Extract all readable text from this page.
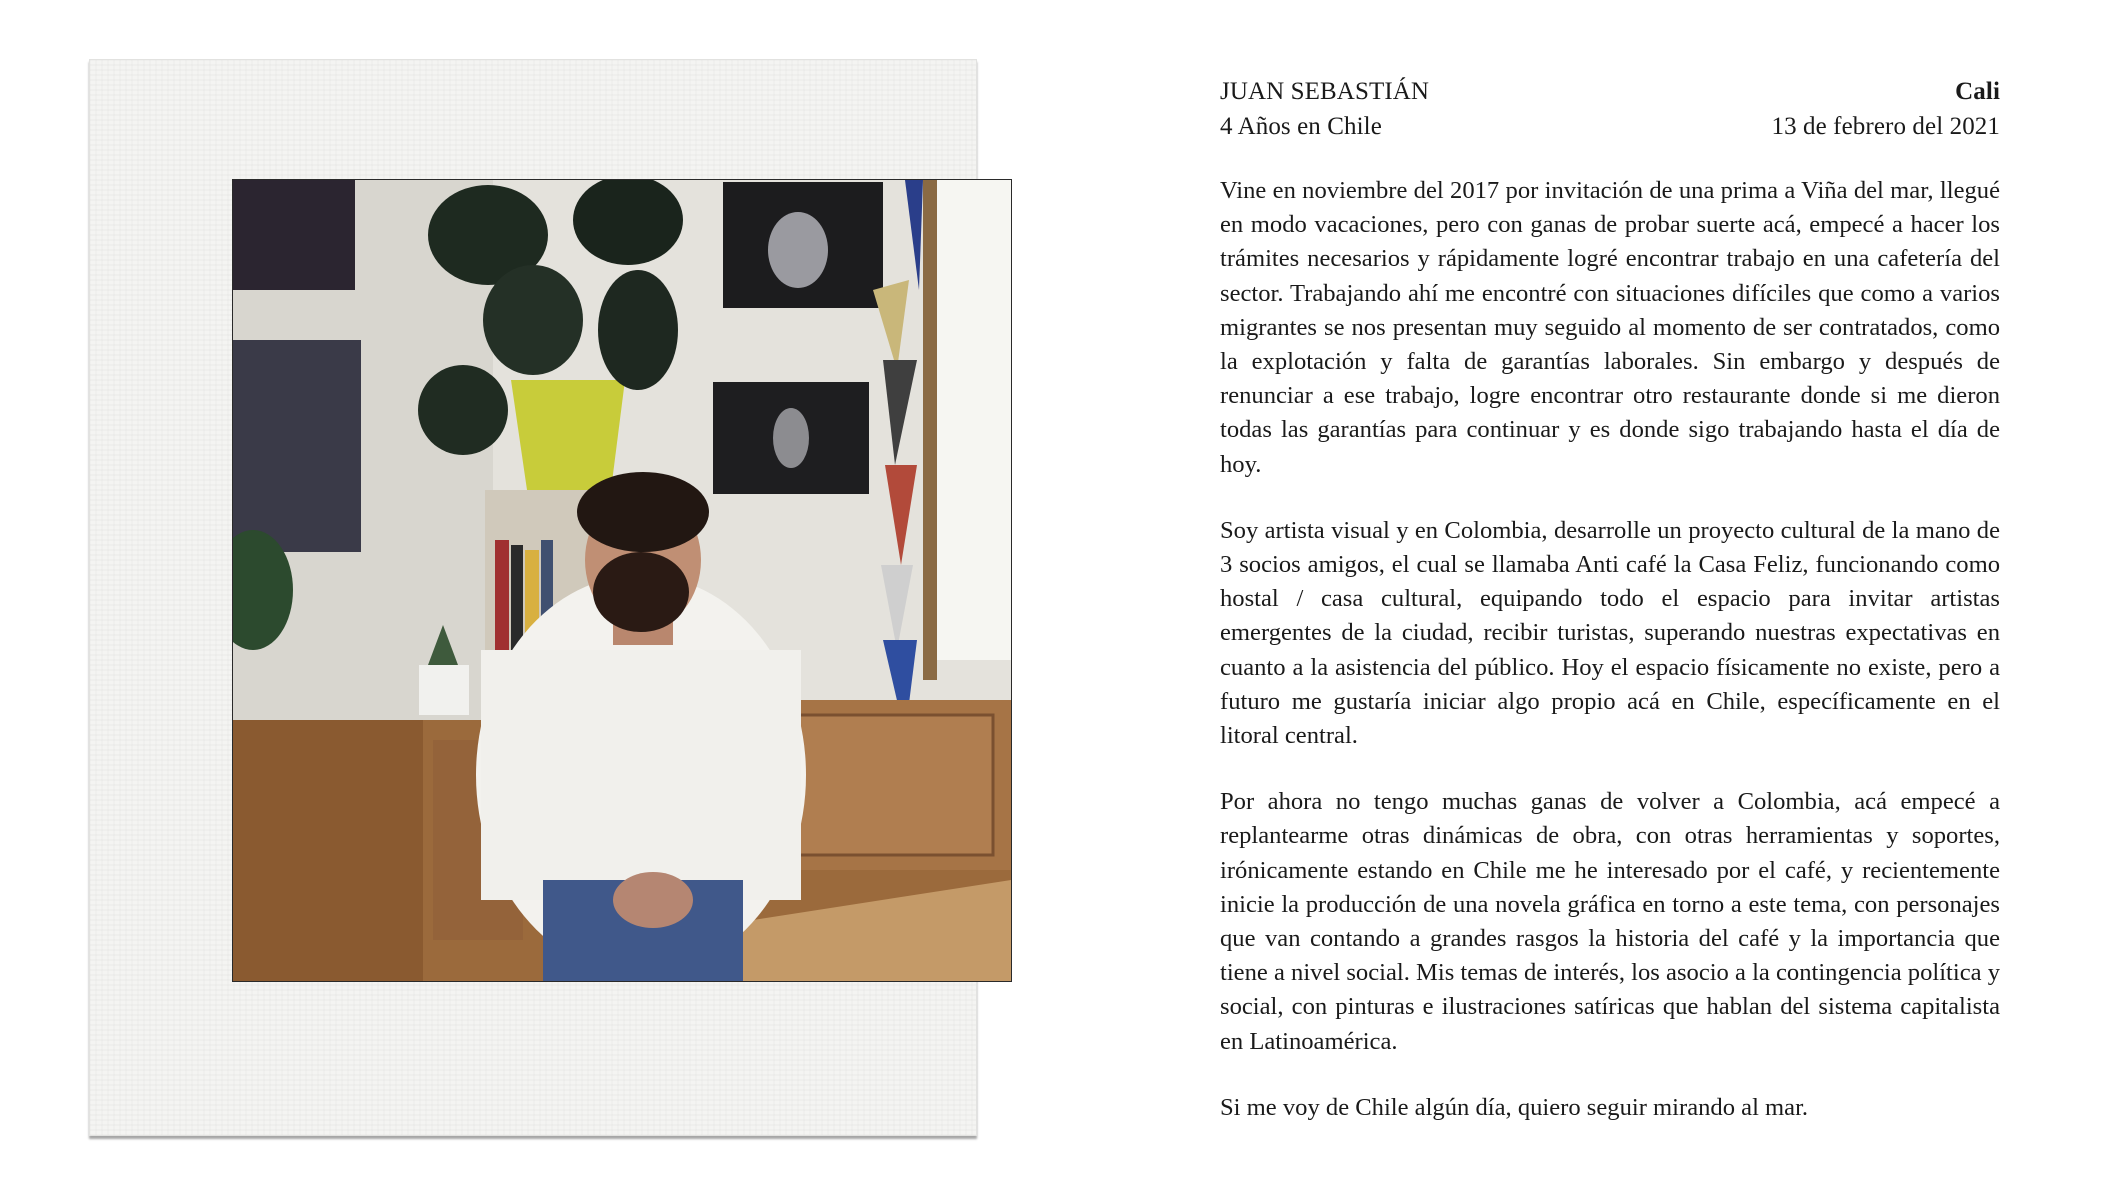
JUAN SEBASTIÁN	Cali
4 Años en Chile	13 de febrero del 2021

Vine en noviembre del 2017 por invitación de una prima a Viña del mar, llegué en modo vacaciones, pero con ganas de probar suerte acá, empecé a hacer los trámites necesarios y rápidamente logré encontrar trabajo en una cafetería del sector. Trabajando ahí me encontré con situaciones difíciles que como a varios migrantes se nos presentan muy seguido al momento de ser contratados, como la explotación y falta de garantías laborales. Sin embargo y después de renunciar a ese trabajo, logre encontrar otro restaurante donde si me dieron todas las garantías para continuar y es donde sigo trabajando hasta el día de hoy.

Soy artista visual y en Colombia, desarrolle un proyecto cultural de la mano de 3 socios amigos, el cual se llamaba Anti café la Casa Feliz, funcionando como hostal / casa cultural, equipando todo el espacio para invitar artistas emergentes de la ciudad, recibir turistas, superando nuestras expectativas en cuanto a la asistencia del público. Hoy el espacio físicamente no existe, pero a futuro me gustaría iniciar algo propio acá en Chile, específicamente en el litoral central.

Por ahora no tengo muchas ganas de volver a Colombia, acá empecé a replantearme otras dinámicas de obra, con otras herramientas y soportes, irónicamente estando en Chile me he interesado por el café, y recientemente inicie la producción de una novela gráfica en torno a este tema, con personajes que van contando a grandes rasgos la historia del café y la importancia que tiene a nivel social. Mis temas de interés, los asocio a la contingencia política y social, con pinturas e ilustraciones satíricas que hablan del sistema capitalista en Latinoamérica.

Si me voy de Chile algún día, quiero seguir mirando al mar.
